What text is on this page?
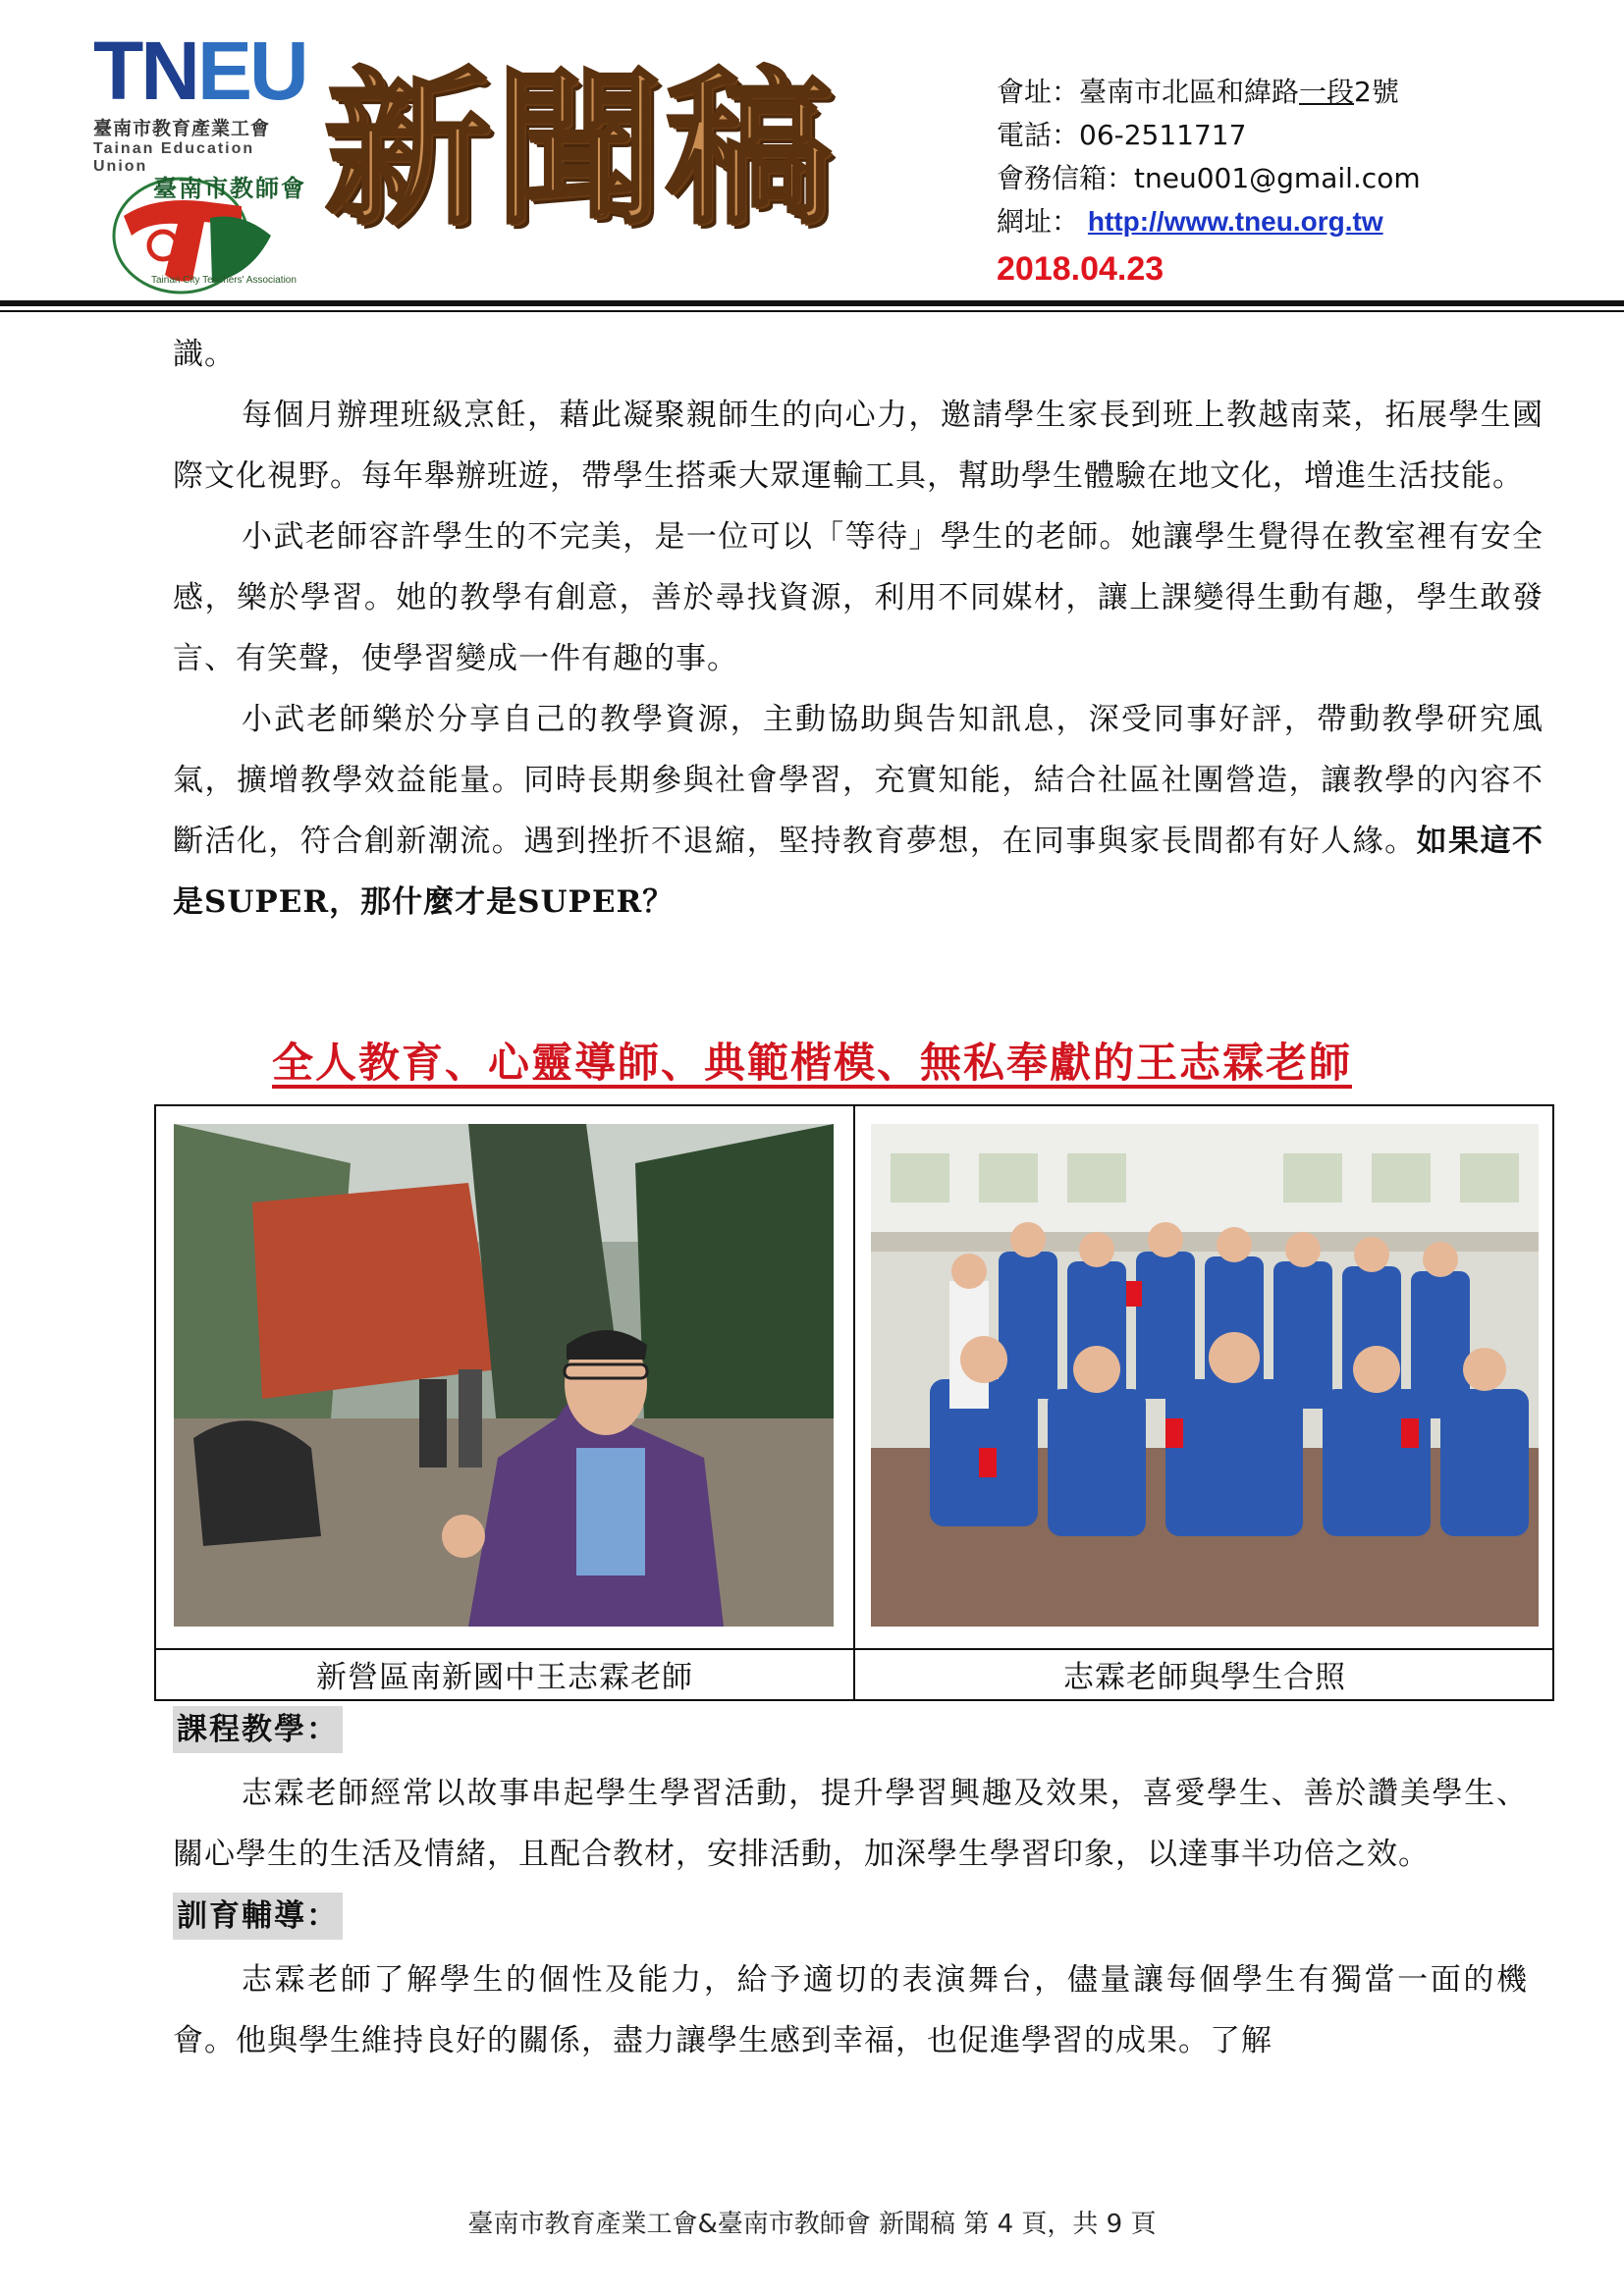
TNEU
臺南市教育產業工會
Tainan Education Union
臺南市教師會
Tainan City Teachers' Association
新聞稿	會址：臺南市北區和緯路一段2號
電話：06-2511717
會務信箱：tneu001@gmail.com
網址： http://www.tneu.org.tw
2018.04.23

識。

每個月辦理班級烹飪，藉此凝聚親師生的向心力，邀請學生家長到班上教越南菜，拓展學生國際文化視野。每年舉辦班遊，帶學生搭乘大眾運輸工具，幫助學生體驗在地文化，增進生活技能。

小武老師容許學生的不完美，是一位可以「等待」學生的老師。她讓學生覺得在教室裡有安全感，樂於學習。她的教學有創意，善於尋找資源，利用不同媒材，讓上課變得生動有趣，學生敢發言、有笑聲，使學習變成一件有趣的事。

小武老師樂於分享自己的教學資源，主動協助與告知訊息，深受同事好評，帶動教學研究風氣，擴增教學效益能量。同時長期參與社會學習，充實知能，結合社區社團營造，讓教學的內容不斷活化，符合創新潮流。遇到挫折不退縮，堅持教育夢想，在同事與家長間都有好人緣。如果這不是SUPER，那什麼才是SUPER？

全人教育、心靈導師、典範楷模、無私奉獻的王志霖老師
新營區南新國中王志霖老師	志霖老師與學生合照
課程教學：

志霖老師經常以故事串起學生學習活動，提升學習興趣及效果，喜愛學生、善於讚美學生、關心學生的生活及情緒，且配合教材，安排活動，加深學生學習印象，以達事半功倍之效。

訓育輔導：

志霖老師了解學生的個性及能力，給予適切的表演舞台，儘量讓每個學生有獨當一面的機會。他與學生維持良好的關係，盡力讓學生感到幸福，也促進學習的成果。了解

臺南市教育產業工會&臺南市教師會 新聞稿 第 4 頁，共 9 頁
